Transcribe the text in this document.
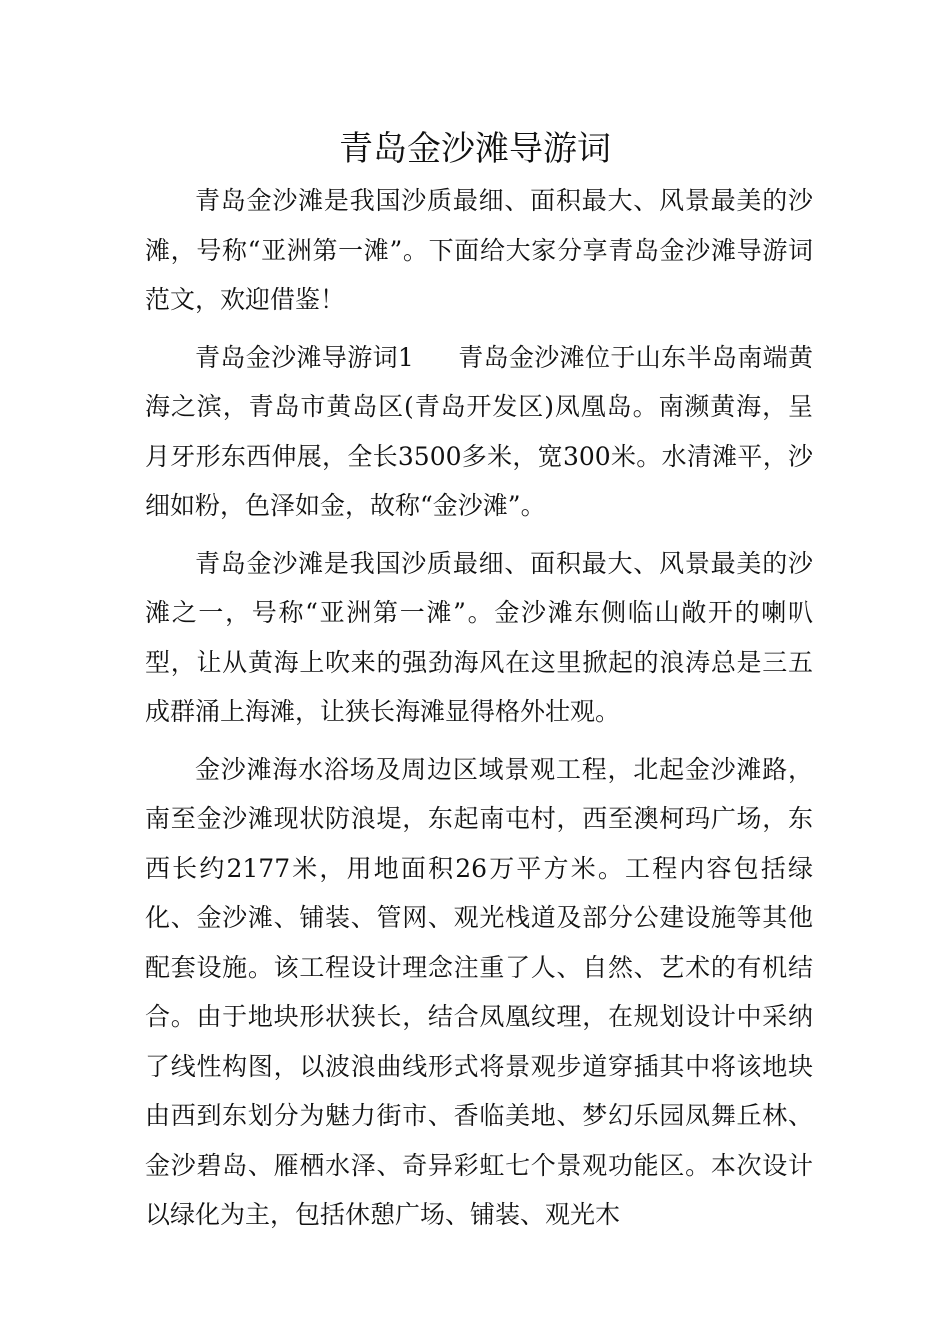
青岛金沙滩导游词

青岛金沙滩是我国沙质最细、面积最大、风景最美的沙滩，号称“亚洲第一滩”。下面给大家分享青岛金沙滩导游词范文，欢迎借鉴！

青岛金沙滩导游词1 青岛金沙滩位于山东半岛南端黄海之滨，青岛市黄岛区(青岛开发区)凤凰岛。南濒黄海，呈月牙形东西伸展，全长3500多米，宽300米。水清滩平，沙细如粉，色泽如金，故称“金沙滩”。

青岛金沙滩是我国沙质最细、面积最大、风景最美的沙滩之一，号称“亚洲第一滩”。金沙滩东侧临山敞开的喇叭型，让从黄海上吹来的强劲海风在这里掀起的浪涛总是三五成群涌上海滩，让狭长海滩显得格外壮观。

金沙滩海水浴场及周边区域景观工程，北起金沙滩路，南至金沙滩现状防浪堤，东起南屯村，西至澳柯玛广场，东西长约2177米，用地面积26万平方米。工程内容包括绿化、金沙滩、铺装、管网、观光栈道及部分公建设施等其他配套设施。该工程设计理念注重了人、自然、艺术的有机结合。由于地块形状狭长，结合凤凰纹理，在规划设计中采纳了线性构图，以波浪曲线形式将景观步道穿插其中将该地块由西到东划分为魅力街市、香临美地、梦幻乐园凤舞丘林、金沙碧岛、雁栖水泽、奇异彩虹七个景观功能区。本次设计以绿化为主，包括休憩广场、铺装、观光木
